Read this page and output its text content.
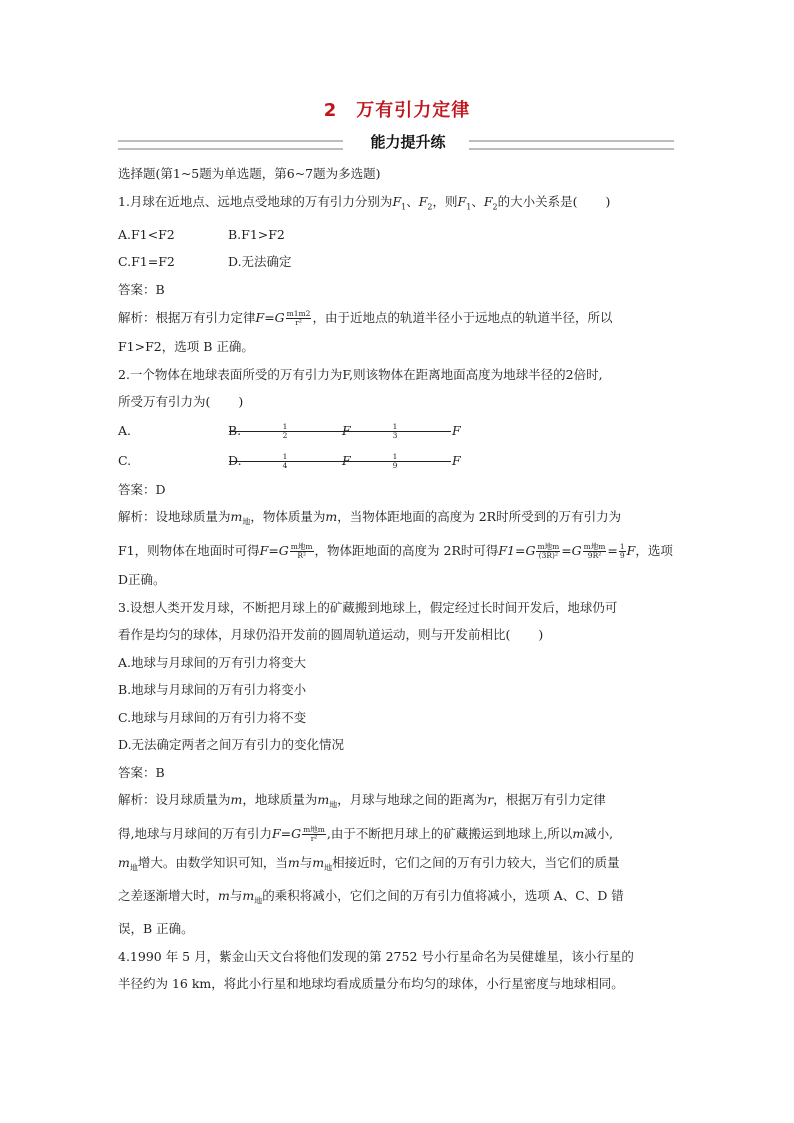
2　万有引力定律
能力提升练
选择题(第1~5题为单选题，第6~7题为多选题)
1.月球在近地点、远地点受地球的万有引力分别为$F_1$、$F_2$，则$F_1$、$F_2$的大小关系是( )
A.F1<F2	B.F1>F2
C.F1=F2	D.无法确定
答案：B
解析：根据万有引力定律$F=G \frac{m1m2}{\text{r²}}$ ，由于近地点的轨道半径小于远地点的轨道半径，所以
F1>F2，选项 B 正确。
2.一个物体在地球表面所受的万有引力为F,则该物体在距离地面高度为地球半径的2倍时,
所受万有引力为( )
A.	$\frac{1}{2}$ F
B.	$\frac{1}{3}$ F
C.	$\frac{1}{4}$ F
D.	$\frac{1}{9}$ F
答案：D
解析：设地球质量为$m_地$，物体质量为m，当物体距地面的高度为 2R时所受到的万有引力为
F1，则物体在地面时可得$F=G \frac{\text{m地m}}{\text{R²}}$ ，物体距地面的高度为 2R时可得$F1=G \frac{\text{m地m}}{\text{(3R)²}} =G \frac{\text{m地m}}{\text{9R²}} = \frac{1}{9}$ F，选项
D正确。
3.设想人类开发月球，不断把月球上的矿藏搬到地球上，假定经过长时间开发后，地球仍可
看作是均匀的球体，月球仍沿开发前的圆周轨道运动，则与开发前相比( )
A.地球与月球间的万有引力将变大
B.地球与月球间的万有引力将变小
C.地球与月球间的万有引力将不变
D.无法确定两者之间万有引力的变化情况
答案：B
解析：设月球质量为m，地球质量为$m_地$，月球与地球之间的距离为r，根据万有引力定律
得,地球与月球间的万有引力$F=G \frac{\text{m地m}}{\text{r²}}$ ,由于不断把月球上的矿藏搬运到地球上,所以m减小,
$m_地$增大。由数学知识可知，当m与$m_地$相接近时，它们之间的万有引力较大，当它们的质量
之差逐渐增大时，m与$m_地$的乘积将减小，它们之间的万有引力值将减小，选项 A、C、D 错
误，B 正确。
4.1990 年 5 月，紫金山天文台将他们发现的第 2752 号小行星命名为吴健雄星，该小行星的
半径约为 16 km，将此小行星和地球均看成质量分布均匀的球体，小行星密度与地球相同。
